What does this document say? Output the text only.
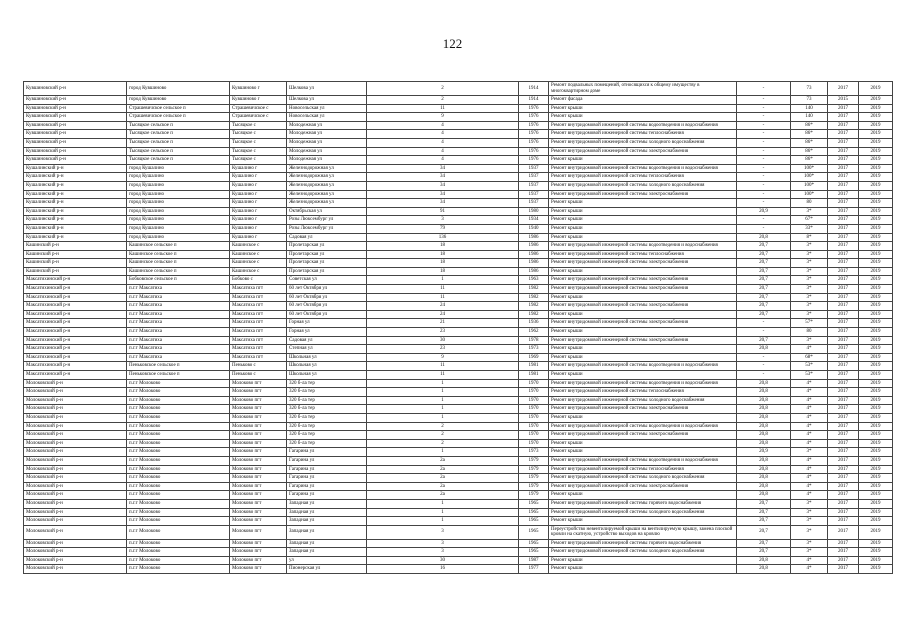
122
Кувшиновский р-н	город Кувшиново	Кувшиново г	Шелкова ул	2	1914	Ремонт подвальных помещений, относящихся к общему имуществу в многоквартирном доме	-	73	2017	2019
Кувшиновский р-н	город Кувшиново	Кувшиново г	Шелкова ул	2	1914	Ремонт фасада	-	73	2015	2019
Кувшиновский р-н	Страшевичское сельское п	Страшевичское с	Новосельская ул	11	1976	Ремонт крыши	-	140	2017	2019
Кувшиновский р-н	Страшевичское сельское п	Страшевичское с	Новосельская ул	9	1976	Ремонт крыши	-	140	2017	2019
Кувшиновский р-н	Тысяцкое сельское п	Тысяцкое с	Молодежная ул	4	1976	Ремонт внутридомовой инженерной системы водоотведения и водоснабжения	-	86*	2017	2019
Кувшиновский р-н	Тысяцкое сельское п	Тысяцкое с	Молодежная ул	4	1976	Ремонт внутридомовой инженерной системы теплоснабжения	-	86*	2017	2019
Кувшиновский р-н	Тысяцкое сельское п	Тысяцкое с	Молодежная ул	4	1976	Ремонт внутридомовой инженерной системы холодного водоснабжения	-	86*	2017	2019
Кувшиновский р-н	Тысяцкое сельское п	Тысяцкое с	Молодежная ул	4	1976	Ремонт внутридомовой инженерной системы электроснабжения	-	86*	2017	2019
Кувшиновский р-н	Тысяцкое сельское п	Тысяцкое с	Молодежная ул	4	1976	Ремонт крыши	-	86*	2017	2019
Кушалинский р-н	город Кушалино	Кушалино г	Железнодорожная ул	34	1937	Ремонт внутридомовой инженерной системы водоотведения и водоснабжения	-	100*	2017	2019
Кушалинский р-н	город Кушалино	Кушалино г	Железнодорожная ул	34	1937	Ремонт внутридомовой инженерной системы теплоснабжения	-	100*	2017	2019
Кушалинский р-н	город Кушалино	Кушалино г	Железнодорожная ул	34	1937	Ремонт внутридомовой инженерной системы холодного водоснабжения	-	100*	2017	2019
Кушалинский р-н	город Кушалино	Кушалино г	Железнодорожная ул	34	1937	Ремонт внутридомовой инженерной системы электроснабжения	-	100*	2017	2019
Кушалинский р-н	город Кушалино	Кушалино г	Железнодорожная ул	34	1937	Ремонт крыши	-	80	2017	2019
Кушалинский р-н	город Кушалино	Кушалино г	Октябрьская ул	91	1980	Ремонт крыши	20,9	3*	2017	2019
Кушалинский р-н	город Кушалино	Кушалино г	Розы Люксембург ул	3	1934	Ремонт крыши	-	67*	2017	2019
Кушалинский р-н	город Кушалино	Кушалино г	Розы Люксембург ул	79	1940	Ремонт крыши	-	33*	2017	2019
Кушалинский р-н	город Кушалино	Кушалино г	Садовая ул	136	1986	Ремонт крыши	20,8	8*	2017	2019
Кашинский р-н	Кашинское сельское п	Кашинское с	Пролетарская ул	18	1986	Ремонт внутридомовой инженерной системы водоотведения и водоснабжения	20,7	3*	2017	2019
Кашинский р-н	Кашинское сельское п	Кашинское с	Пролетарская ул	18	1986	Ремонт внутридомовой инженерной системы теплоснабжения	20,7	3*	2017	2019
Кашинский р-н	Кашинское сельское п	Кашинское с	Пролетарская ул	18	1986	Ремонт внутридомовой инженерной системы электроснабжения	20,7	3*	2017	2019
Кашинский р-н	Кашинское сельское п	Кашинское с	Пролетарская ул	18	1986	Ремонт крыши	20,7	3*	2017	2019
Максатихинский р-н	Бобковское сельское п	Бобково с	Советская ул	1	1963	Ремонт внутридомовой инженерной системы электроснабжения	20,7	3*	2017	2019
Максатихинский р-н	п.г.т Максатиха	Максатиха пгт	60 лет Октября ул	11	1982	Ремонт внутридомовой инженерной системы электроснабжения	20,7	3*	2017	2019
Максатихинский р-н	п.г.т Максатиха	Максатиха пгт	60 лет Октября ул	11	1982	Ремонт крыши	20,7	3*	2017	2019
Максатихинский р-н	п.г.т Максатиха	Максатиха пгт	60 лет Октября ул	24	1982	Ремонт внутридомовой инженерной системы электроснабжения	20,7	3*	2017	2019
Максатихинский р-н	п.г.т Максатиха	Максатиха пгт	60 лет Октября ул	24	1982	Ремонт крыши	20,7	3*	2017	2019
Максатихинский р-н	п.г.т Максатиха	Максатиха пгт	Горная ул	21	1936	Ремонт внутридомовой инженерной системы электроснабжения	-	57*	2017	2019
Максатихинский р-н	п.г.т Максатиха	Максатиха пгт	Горная ул	23	1962	Ремонт крыши	-	80	2017	2019
Максатихинский р-н	п.г.т Максатиха	Максатиха пгт	Садовая ул	30	1978	Ремонт внутридомовой инженерной системы электроснабжения	20,7	3*	2017	2019
Максатихинский р-н	п.г.т Максатиха	Максатиха пгт	Степная ул	23	1973	Ремонт крыши	20,8	4*	2017	2019
Максатихинский р-н	п.г.т Максатиха	Максатиха пгт	Школьная ул	9	1969	Ремонт крыши	-	68*	2017	2019
Максатихинский р-н	Пеньковское сельское п	Пеньково с	Школьная ул	11	1981	Ремонт внутридомовой инженерной системы водоотведения и водоснабжения	-	53*	2017	2019
Максатихинский р-н	Пеньковское сельское п	Пеньково с	Школьная ул	11	1981	Ремонт крыши	-	53*	2017	2019
Молоковский р-н	п.г.т Молоково	Молоково пгт	320 б-ла тер	1	1970	Ремонт внутридомовой инженерной системы водоотведения и водоснабжения	20,8	4*	2017	2019
Молоковский р-н	п.г.т Молоково	Молоково пгт	320 б-ла тер	1	1970	Ремонт внутридомовой инженерной системы теплоснабжения	20,8	4*	2017	2019
Молоковский р-н	п.г.т Молоково	Молоково пгт	320 б-ла тер	1	1970	Ремонт внутридомовой инженерной системы холодного водоснабжения	20,8	4*	2017	2019
Молоковский р-н	п.г.т Молоково	Молоково пгт	320 б-ла тер	1	1970	Ремонт внутридомовой инженерной системы электроснабжения	20,8	4*	2017	2019
Молоковский р-н	п.г.т Молоково	Молоково пгт	320 б-ла тер	1	1970	Ремонт крыши	20,8	4*	2017	2019
Молоковский р-н	п.г.т Молоково	Молоково пгт	320 б-ла тер	2	1970	Ремонт внутридомовой инженерной системы водоотведения и водоснабжения	20,8	4*	2017	2019
Молоковский р-н	п.г.т Молоково	Молоково пгт	320 б-ла тер	2	1970	Ремонт внутридомовой инженерной системы электроснабжения	20,8	4*	2017	2019
Молоковский р-н	п.г.т Молоково	Молоково пгт	320 б-ла тер	2	1970	Ремонт крыши	20,8	4*	2017	2019
Молоковский р-н	п.г.т Молоково	Молоково пгт	Гагарина ул	1	1973	Ремонт крыши	20,9	3*	2017	2019
Молоковский р-н	п.г.т Молоково	Молоково пгт	Гагарина ул	2а	1979	Ремонт внутридомовой инженерной системы водоотведения и водоснабжения	20,8	4*	2017	2019
Молоковский р-н	п.г.т Молоково	Молоково пгт	Гагарина ул	2а	1979	Ремонт внутридомовой инженерной системы теплоснабжения	20,8	4*	2017	2019
Молоковский р-н	п.г.т Молоково	Молоково пгт	Гагарина ул	2а	1979	Ремонт внутридомовой инженерной системы холодного водоснабжения	20,8	4*	2017	2019
Молоковский р-н	п.г.т Молоково	Молоково пгт	Гагарина ул	2а	1979	Ремонт внутридомовой инженерной системы электроснабжения	20,8	4*	2017	2019
Молоковский р-н	п.г.т Молоково	Молоково пгт	Гагарина ул	2а	1979	Ремонт крыши	20,8	4*	2017	2019
Молоковский р-н	п.г.т Молоково	Молоково пгт	Западная ул	1	1965	Ремонт внутридомовой инженерной системы горячего водоснабжения	20,7	3*	2017	2019
Молоковский р-н	п.г.т Молоково	Молоково пгт	Западная ул	1	1965	Ремонт внутридомовой инженерной системы холодного водоснабжения	20,7	3*	2017	2019
Молоковский р-н	п.г.т Молоково	Молоково пгт	Западная ул	1	1965	Ремонт крыши	20,7	3*	2017	2019
Молоковский р-н	п.г.т Молоково	Молоково пгт	Западная ул	3	1965	Переустройство невентилируемой крыши на вентилируемую крышу, замена плоской кровли на скатную, устройство выходов на кровлю	20,7	3*	2017	2019
Молоковский р-н	п.г.т Молоково	Молоково пгт	Западная ул	3	1965	Ремонт внутридомовой инженерной системы горячего водоснабжения	20,7	3*	2017	2019
Молоковский р-н	п.г.т Молоково	Молоково пгт	Западная ул	3	1965	Ремонт внутридомовой инженерной системы холодного водоснабжения	20,7	3*	2017	2019
Молоковский р-н	п.г.т Молоково	Молоково пгт	ул	30	1987	Ремонт крыши	20,8	4*	2017	2019
Молоковский р-н	п.г.т Молоково	Молоково пгт	Пионерская ул	16	1977	Ремонт крыши	20,8	4*	2017	2019
